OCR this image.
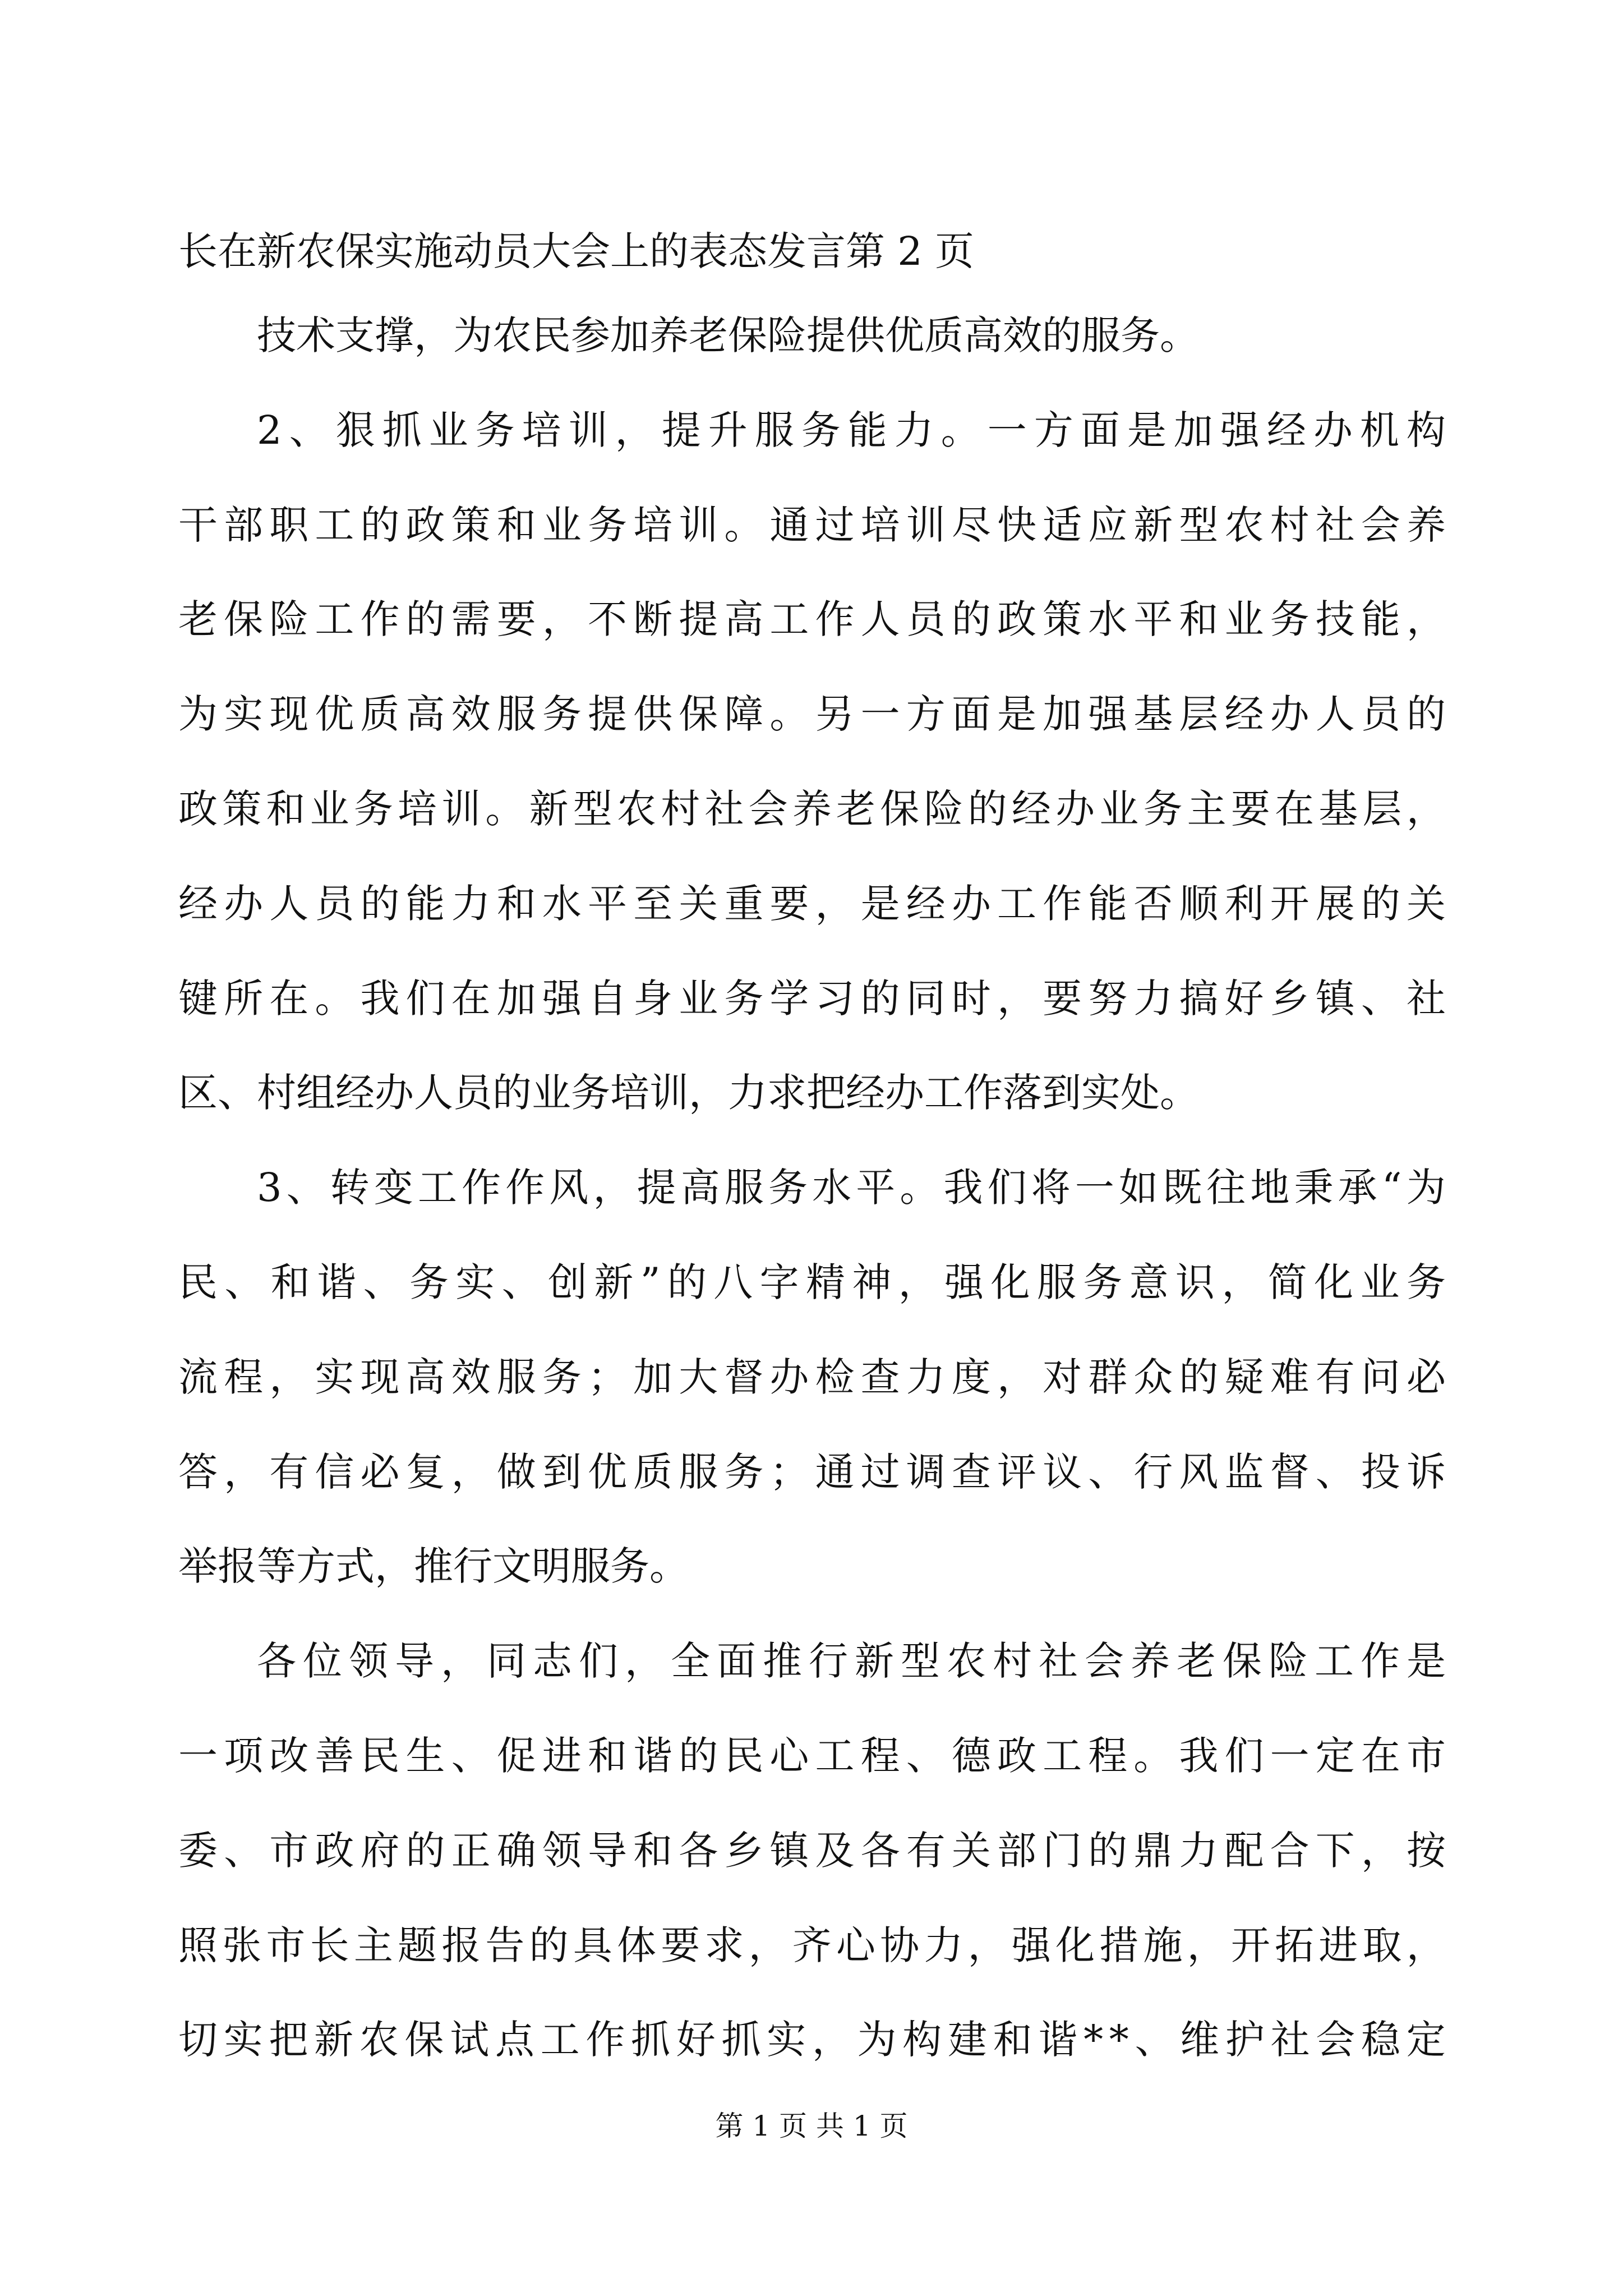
长在新农保实施动员大会上的表态发言第 2 页
技术支撑，为农民参加养老保险提供优质高效的服务。
2 、 狠 抓 业 务 培 训 ， 提 升 服 务 能 力 。 一 方 面 是 加 强 经 办 机 构
干 部 职 工 的 政 策 和 业 务 培 训 。 通 过 培 训 尽 快 适 应 新 型 农 村 社 会 养
老 保 险 工 作 的 需 要 ， 不 断 提 高 工 作 人 员 的 政 策 水 平 和 业 务 技 能 ，
为 实 现 优 质 高 效 服 务 提 供 保 障 。 另 一 方 面 是 加 强 基 层 经 办 人 员 的
政 策 和 业 务 培 训 。 新 型 农 村 社 会 养 老 保 险 的 经 办 业 务 主 要 在 基 层 ，
经 办 人 员 的 能 力 和 水 平 至 关 重 要 ， 是 经 办 工 作 能 否 顺 利 开 展 的 关
键 所 在 。 我 们 在 加 强 自 身 业 务 学 习 的 同 时 ， 要 努 力 搞 好 乡 镇 、 社
区、村组经办人员的业务培训，力求把经办工作落到实处。
3 、 转 变 工 作 作 风 ， 提 高 服 务 水 平 。 我 们 将 一 如 既 往 地 秉 承 “ 为
民 、 和 谐 、 务 实 、 创 新 ” 的 八 字 精 神 ， 强 化 服 务 意 识 ， 简 化 业 务
流 程 ， 实 现 高 效 服 务 ； 加 大 督 办 检 查 力 度 ， 对 群 众 的 疑 难 有 问 必
答 ， 有 信 必 复 ， 做 到 优 质 服 务 ； 通 过 调 查 评 议 、 行 风 监 督 、 投 诉
举报等方式，推行文明服务。
各 位 领 导 ， 同 志 们 ， 全 面 推 行 新 型 农 村 社 会 养 老 保 险 工 作 是
一 项 改 善 民 生 、 促 进 和 谐 的 民 心 工 程 、 德 政 工 程 。 我 们 一 定 在 市
委 、 市 政 府 的 正 确 领 导 和 各 乡 镇 及 各 有 关 部 门 的 鼎 力 配 合 下 ， 按
照 张 市 长 主 题 报 告 的 具 体 要 求 ， 齐 心 协 力 ， 强 化 措 施 ， 开 拓 进 取 ，
切 实 把 新 农 保 试 点 工 作 抓 好 抓 实 ， 为 构 建 和 谐 * * 、 维 护 社 会 稳 定
第 1 页 共 1 页
